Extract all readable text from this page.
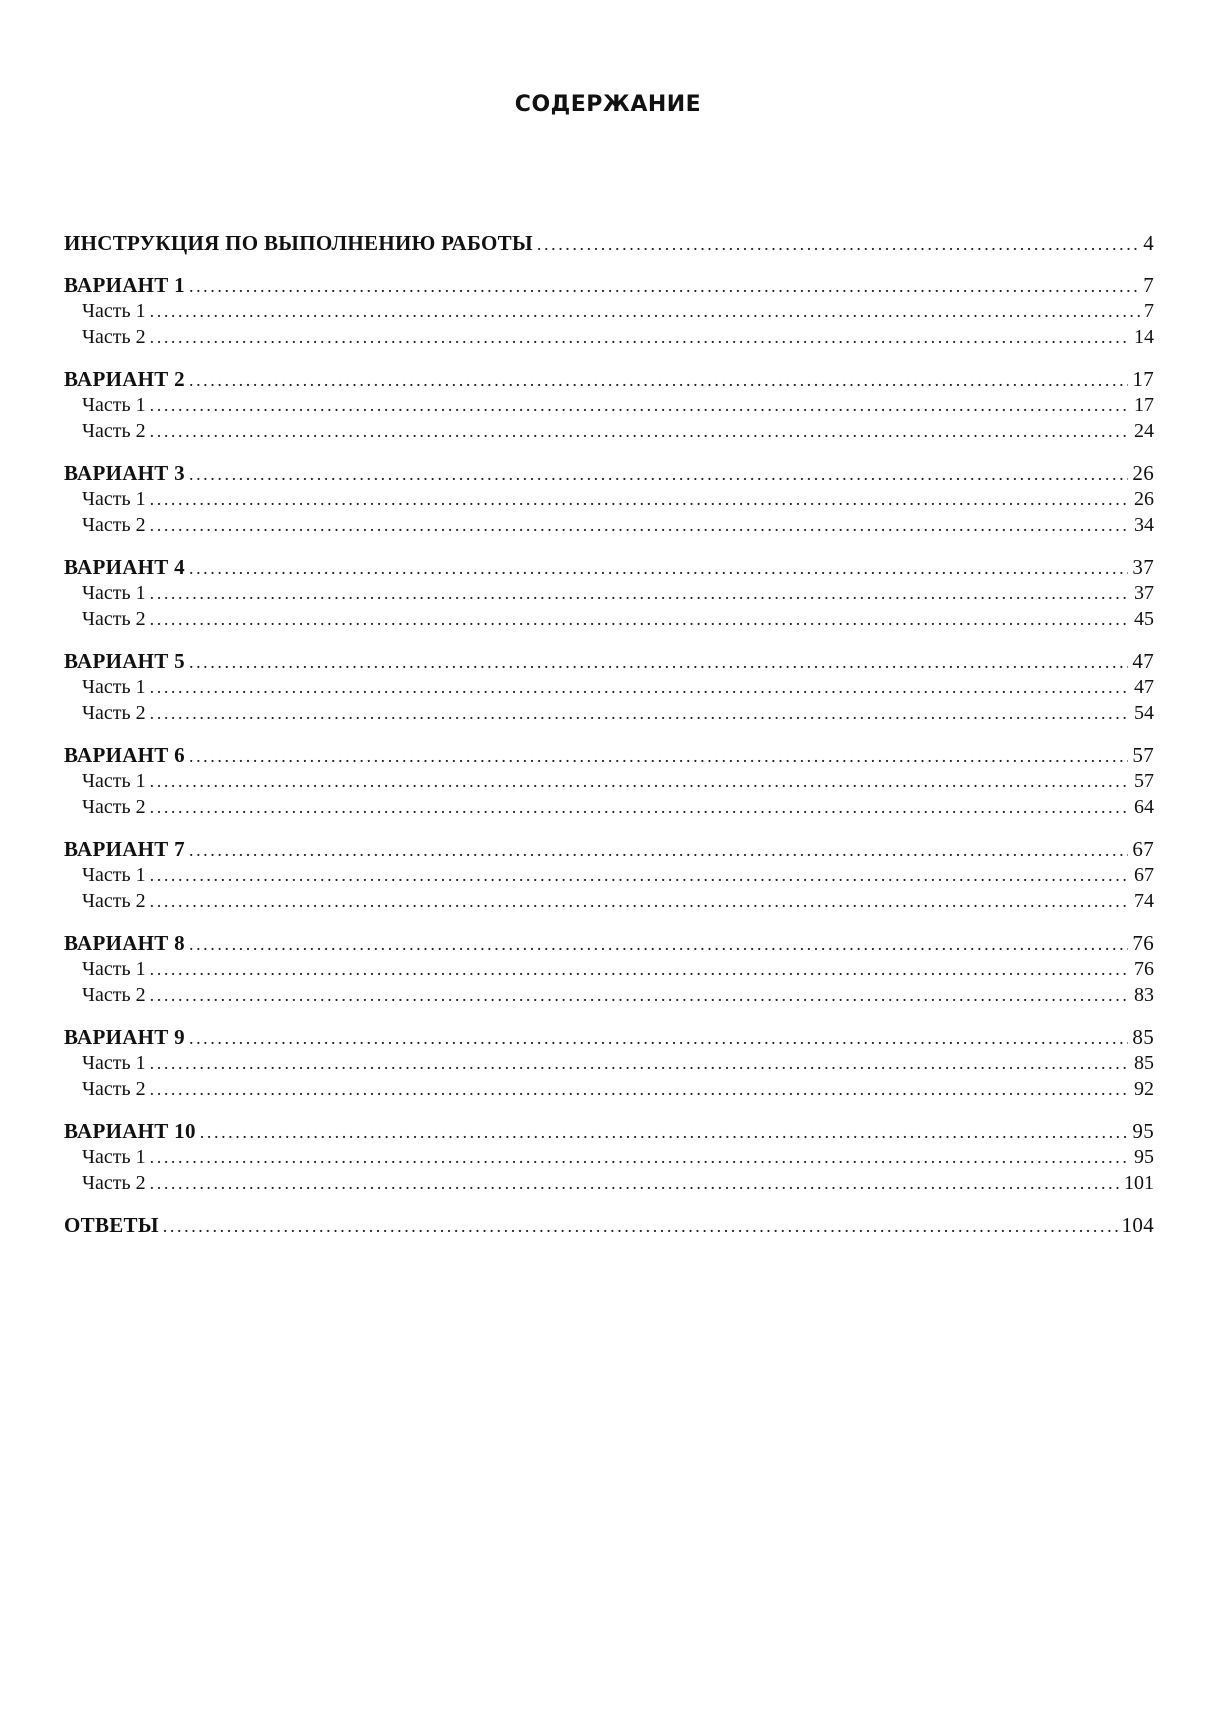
СОДЕРЖАНИЕ
ИНСТРУКЦИЯ ПО ВЫПОЛНЕНИЮ РАБОТЫ .....	4
ВАРИАНТ 1 .....	7
Часть 1 .....	7
Часть 2 .....	14
ВАРИАНТ 2 .....	17
Часть 1 .....	17
Часть 2 .....	24
ВАРИАНТ 3 .....	26
Часть 1 .....	26
Часть 2 .....	34
ВАРИАНТ 4 .....	37
Часть 1 .....	37
Часть 2 .....	45
ВАРИАНТ 5 .....	47
Часть 1 .....	47
Часть 2 .....	54
ВАРИАНТ 6 .....	57
Часть 1 .....	57
Часть 2 .....	64
ВАРИАНТ 7 .....	67
Часть 1 .....	67
Часть 2 .....	74
ВАРИАНТ 8 .....	76
Часть 1 .....	76
Часть 2 .....	83
ВАРИАНТ 9 .....	85
Часть 1 .....	85
Часть 2 .....	92
ВАРИАНТ 10 .....	95
Часть 1 .....	95
Часть 2 .....	101
ОТВЕТЫ .....	104
